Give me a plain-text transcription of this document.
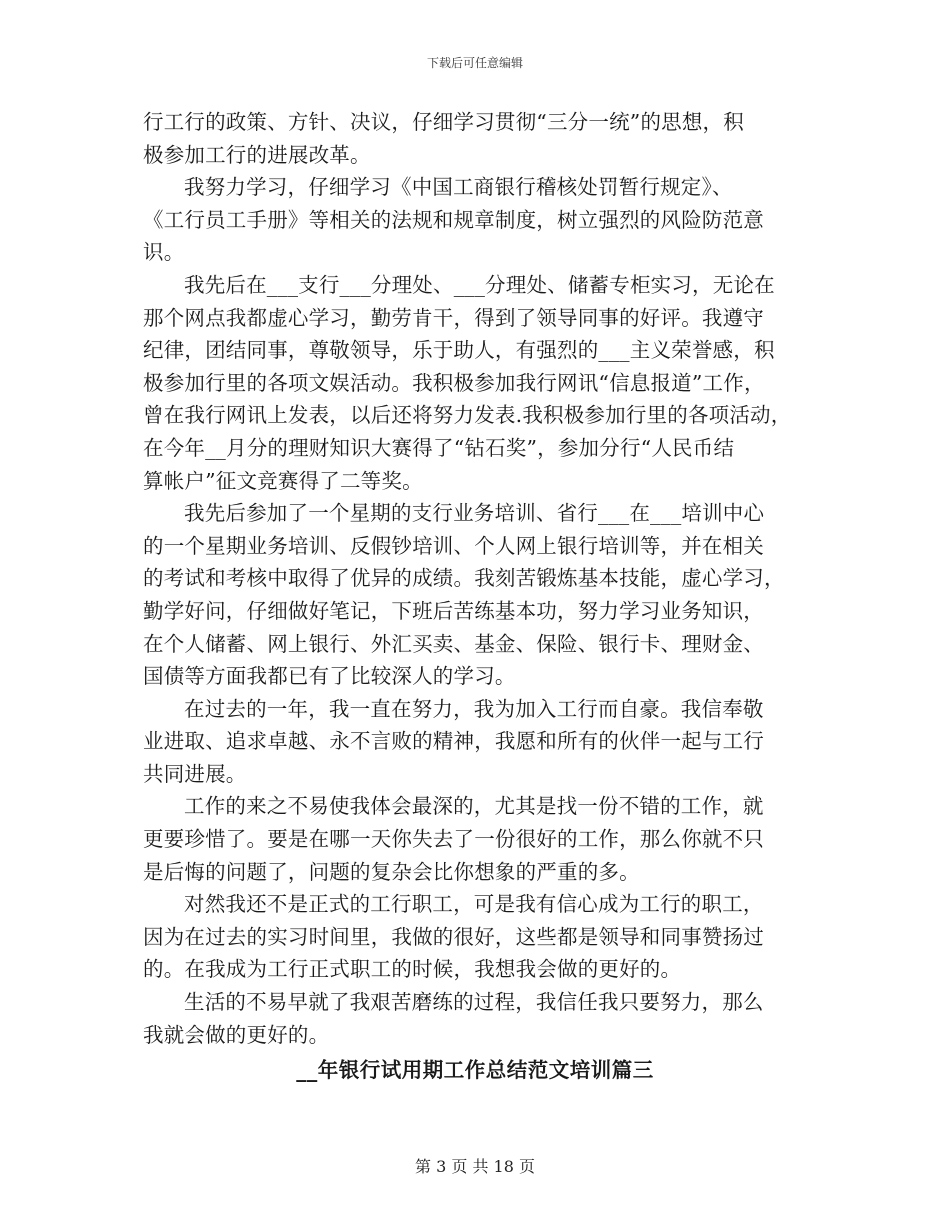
下载后可任意编辑
行工行的政策、方针、决议，仔细学习贯彻“三分一统”的思想，积
极参加工行的进展改革。
我努力学习，仔细学习《中国工商银行稽核处罚暂行规定》、
《工行员工手册》等相关的法规和规章制度，树立强烈的风险防范意
识。
我先后在___支行___分理处、___分理处、储蓄专柜实习，无论在
那个网点我都虚心学习，勤劳肯干，得到了领导同事的好评。我遵守
纪律，团结同事，尊敬领导，乐于助人，有强烈的___主义荣誉感，积
极参加行里的各项文娱活动。我积极参加我行网讯“信息报道”工作，
曾在我行网讯上发表，以后还将努力发表.我积极参加行里的各项活动，
在今年__月分的理财知识大赛得了“钻石奖”，参加分行“人民币结
算帐户”征文竞赛得了二等奖。
我先后参加了一个星期的支行业务培训、省行___在___培训中心
的一个星期业务培训、反假钞培训、个人网上银行培训等，并在相关
的考试和考核中取得了优异的成绩。我刻苦锻炼基本技能，虚心学习，
勤学好问，仔细做好笔记，下班后苦练基本功，努力学习业务知识，
在个人储蓄、网上银行、外汇买卖、基金、保险、银行卡、理财金、
国债等方面我都已有了比较深人的学习。
在过去的一年，我一直在努力，我为加入工行而自豪。我信奉敬
业进取、追求卓越、永不言败的精神，我愿和所有的伙伴一起与工行
共同进展。
工作的来之不易使我体会最深的，尤其是找一份不错的工作，就
更要珍惜了。要是在哪一天你失去了一份很好的工作，那么你就不只
是后悔的问题了，问题的复杂会比你想象的严重的多。
对然我还不是正式的工行职工，可是我有信心成为工行的职工，
因为在过去的实习时间里，我做的很好，这些都是领导和同事赞扬过
的。在我成为工行正式职工的时候，我想我会做的更好的。
生活的不易早就了我艰苦磨练的过程，我信任我只要努力，那么
我就会做的更好的。
__年银行试用期工作总结范文培训篇三
第 3 页 共 18 页
